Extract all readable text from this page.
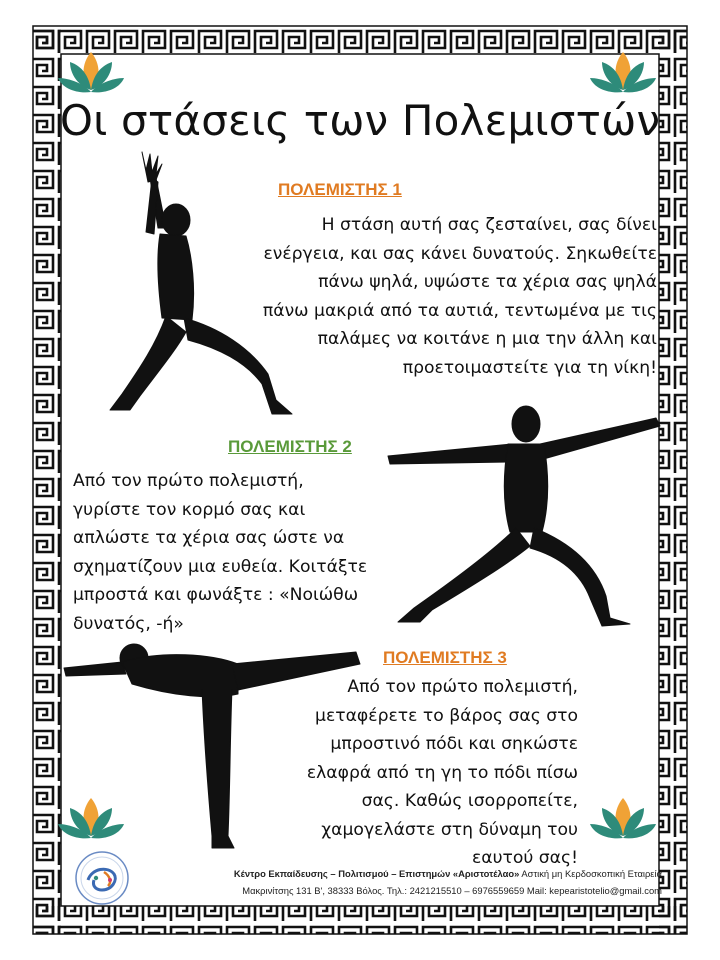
Οι στάσεις των Πολεμιστών
ΠΟΛΕΜΙΣΤΗΣ 1
Η στάση αυτή σας ζεσταίνει, σας δίνει
ενέργεια, και σας κάνει δυνατούς. Σηκωθείτε
πάνω ψηλά, υψώστε τα χέρια σας ψηλά
πάνω μακριά από τα αυτιά, τεντωμένα με τις
παλάμες να κοιτάνε η μια την άλλη και
προετοιμαστείτε για τη νίκη!
ΠΟΛΕΜΙΣΤΗΣ 2
Από τον πρώτο πολεμιστή,
γυρίστε τον κορμό σας και
απλώστε τα χέρια σας ώστε να
σχηματίζουν μια ευθεία. Κοιτάξτε
μπροστά και φωνάξτε : «Νοιώθω
δυνατός, -ή»
ΠΟΛΕΜΙΣΤΗΣ 3
Από τον πρώτο πολεμιστή,
μεταφέρετε το βάρος σας στο
μπροστινό πόδι και σηκώστε
ελαφρά από τη γη το πόδι πίσω
σας. Καθώς ισορροπείτε,
χαμογελάστε στη δύναμη του
εαυτού σας!
Κέντρο Εκπαίδευσης – Πολιτισμού – Επιστημών «Αριστοτέλαο» Αστική μη Κερδοσκοπική Εταιρεία
Μακρινίτσης 131 Β', 38333 Βόλος. Τηλ.: 2421215510 – 6976559659 Mail: kepearistotelio@gmail.com
